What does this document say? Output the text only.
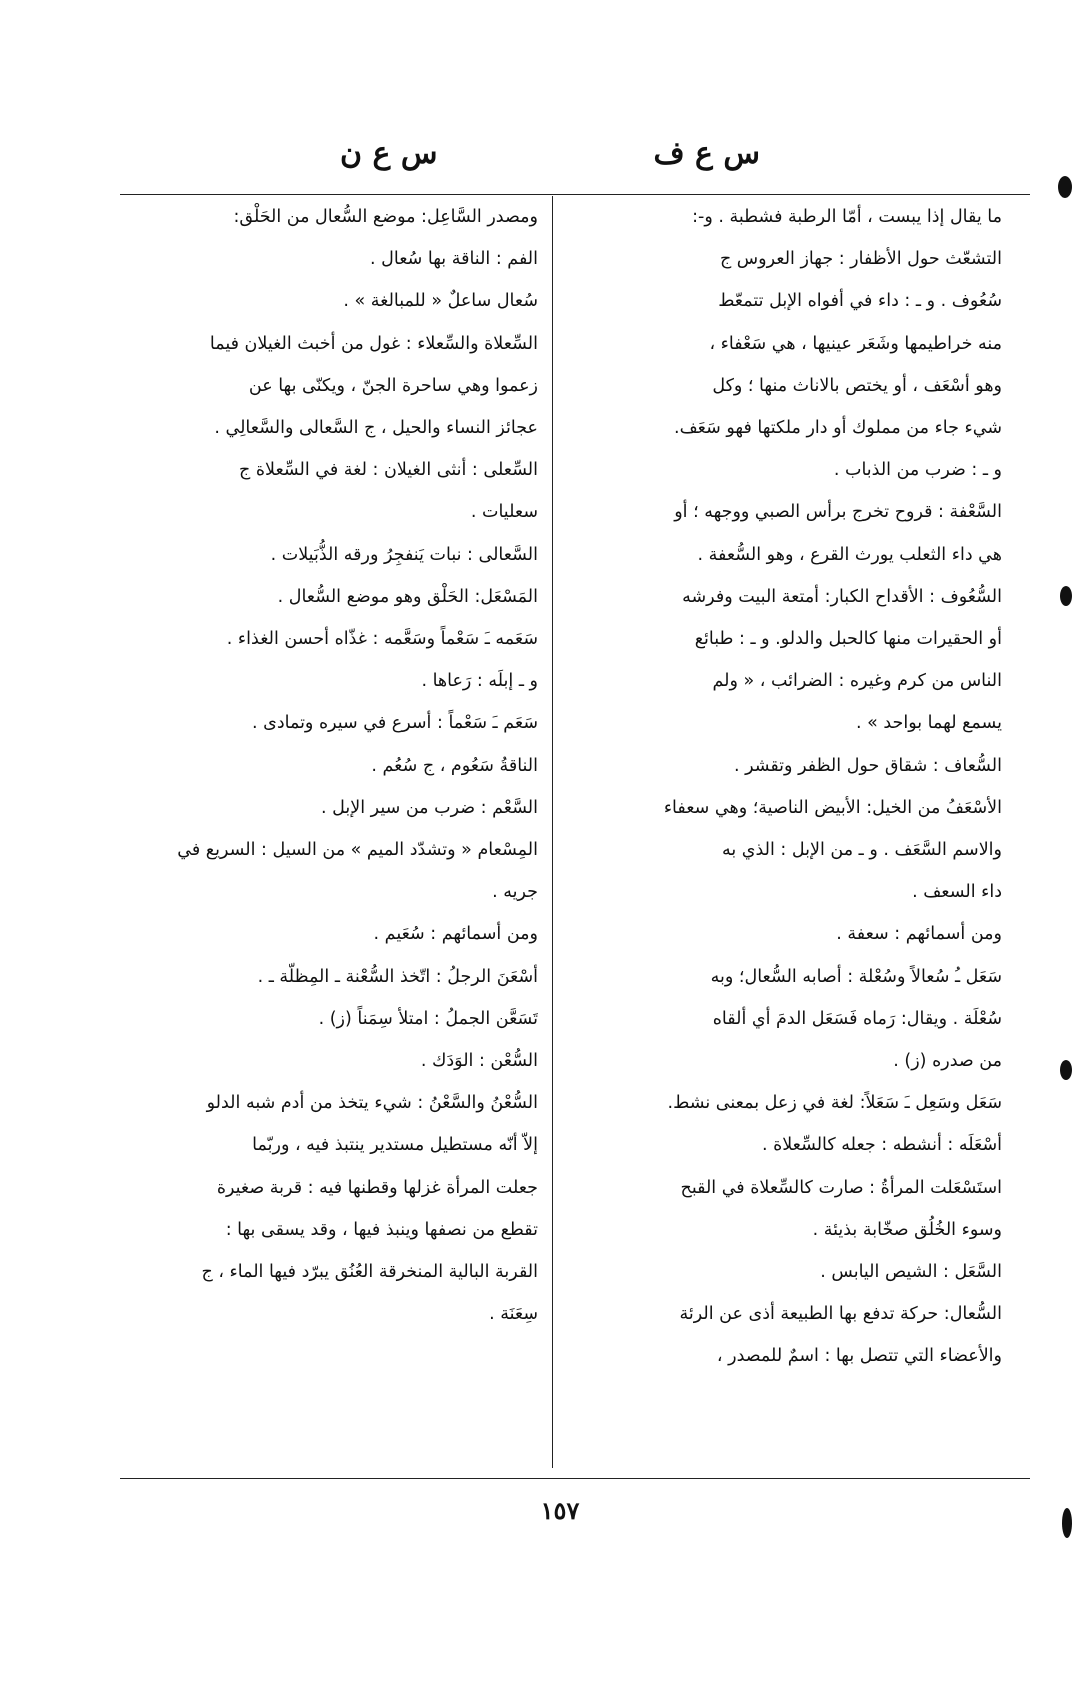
س ع ف
س ع ن
ما يقال إذا يبست ، أمّا الرطبة فشطبة . و-:
التشعّث حول الأظفار : جهاز العروس ج
سُعُوف . و ـ : داء في أفواه الإبل تتمعّط
منه خراطيمها وشَعَر عينيها ، هي سَعْفاء ،
وهو أسْعَف ، أو يختص بالاناث منها ؛ وكل
شيء جاء من مملوك أو دار ملكتها فهو سَعَف.
و ـ : ضرب من الذباب .
السَّعْفة : قروح تخرج برأس الصبي ووجهه ؛ أو
هي داء الثعلب يورث القرع ، وهو السُّعفة .
السُّعُوف : الأقداح الكبار: أمتعة البيت وفرشه
أو الحقيرات منها كالحبل والدلو. و ـ : طبائع
الناس من كرم وغيره : الضرائب ، « ولم
يسمع لهما بواحد » .
السُّعاف : شقاق حول الظفر وتقشر .
الأسْعَفُ من الخيل: الأبيض الناصية؛ وهي سعفاء
والاسم السَّعَف . و ـ من الإبل : الذي به
داء السعف .
ومن أسمائهم : سعفة .
سَعَل ـُ سُعالاً وسُعْلة : أصابه السُّعال؛ وبه
سُعْلَة . ويقال: رَماه فَسَعَل الدمَ أي ألقاه
من صدره (ز) .
سَعَل وسَعِل ـَ سَعَلاً: لغة في زعل بمعنى نشط.
أسْعَلَه : أنشطه : جعله كالسِّعلاة .
استَسْعَلت المرأةُ : صارت كالسِّعلاة في القبح
وسوء الخُلُق صخّابة بذيئة .
السَّعَل : الشيص اليابس .
السُّعال: حركة تدفع بها الطبيعة أذى عن الرئة
والأعضاء التي تتصل بها : اسمٌ للمصدر ،
ومصدر السَّاعِل: موضع السُّعال من الحَلْق:
الفم : الناقة بها سُعال .
سُعال ساعلٌ « للمبالغة » .
السِّعلاة والسِّعلاء : غول من أخبث الغيلان فيما
زعموا وهي ساحرة الجنّ ، ويكنّى بها عن
عجائز النساء والحيل ، ج السَّعالى والسَّعالِي .
السِّعلى : أنثى الغيلان : لغة في السِّعلاة ج
سعليات .
السَّعالى : نبات يَنفجِرُ ورقه الذُّبَيلات .
المَسْعَل: الحَلْق وهو موضع السُّعال .
سَعَمه ـَ سَعْماً وسَعَّمه : غذّاه أحسن الغذاء .
و ـ إبلَه : رَعاها .
سَعَم ـَ سَعْماً : أسرع في سيره وتمادى .
الناقةُ سَعُوم ، ج سُعُم .
السَّعْم : ضرب من سير الإبل .
المِسْعام « وتشدّد الميم » من السيل : السريع في
جريه .
ومن أسمائهم : سُعَيم .
أسْعَنَ الرجلُ : اتّخذ السُّعْنة ـ المِظلّة ـ .
تَسَعَّن الجملُ : امتلأ سِمَناً (ز) .
السُّعْن : الوَدَك .
السُّعْنُ والسَّعْنُ : شيء يتخذ من أدم شبه الدلو
إلاّ أنّه مستطيل مستدير ينتبذ فيه ، وربّما
جعلت المرأة غزلها وقطنها فيه : قربة صغيرة
تقطع من نصفها وينبذ فيها ، وقد يسقى بها :
القربة البالية المنخرقة العُنُق يبرّد فيها الماء ، ج
سِعَنَة .
١٥٧
